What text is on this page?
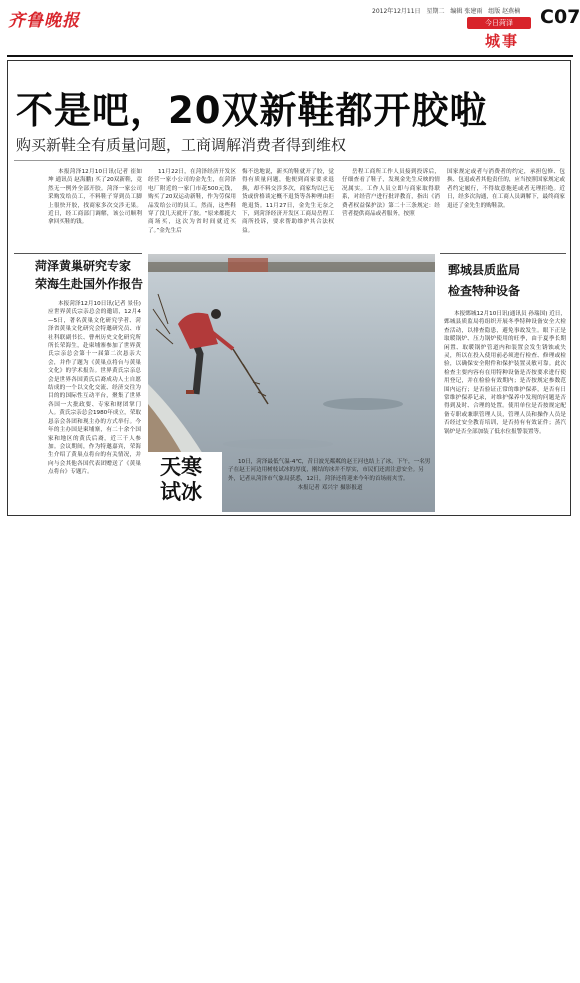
齐鲁晚报	2012年12月11日 星期二 编辑 张建雨 组版 赵燕楠
今日菏泽
城事
C07
不是吧，20双新鞋都开胶啦
购买新鞋全有质量问题，工商调解消费者得到维权
本报菏泽12月10日讯(记者 崔如坤 通讯员 赵海鹏) 买了20双新鞋，竟然无一例外全部开胶。菏泽一家公司采购发给员工，不料鞋子穿到员工脚上很快开胶，找商家多次交涉无果。近日，经工商部门调解，该公司顺利拿回买鞋的钱。
11月22日，在菏泽经济开发区经营一家小公司的金先生，在菏泽电厂附近的一家门市花500元钱，购买了20双运动新鞋，作为劳保用品发给公司的员工。然而，这些鞋穿了没几天就开了胶。“原来都挺大商场买，这次为省时间就近买了。”金先生后
悔不迭地说，新买的鞋就开了胶，觉得有质量问题，他便到商家要求退换，却不料交涉多次，商家均以已无货或价格谈定概不退货等各种理由拒绝退货。11月27日，金先生无奈之下，到菏泽经济开发区工商局岳程工商所投诉，要求帮助维护其合法权益。
岳程工商所工作人员接到投诉后，仔细查看了鞋子，发现金先生反映的情况属实。工作人员立即与商家取得联系，对经营户进行批评教育，指出《消费者权益保护法》第二十三条规定：经营者提供商品或者服务，按照
国家规定或者与消费者的约定，承担包修、包换、包退或者其他责任的，应当按照国家规定或者约定履行，不得故意拖延或者无理拒绝。近日，经多次沟通，在工商人员调解下，最终商家退还了金先生的购鞋款。
菏泽黄巢研究专家
荣海生赴国外作报告
本报菏泽12月10日讯(记者 景佳) 应世界黄氏宗亲总会的邀请，12月4—5日，著名黄巢文化研究学者、菏泽省黄巢文化研究会特邀研究员、市社科联副书长、曹州历史文化研究所所长荣海生，赴柬埔寨参加了世界黄氏宗亲总会第十一届第二次恳亲大会，并作了题为《黄巢点将台与黄巢文化》的学术报告。世界黄氏宗亲总会是世界各国黄氏后裔成功人士自愿结成的一个以文化交流、经济交往为目的的国际性互动平台，聚集了世界各国一大批政要、专家和财团掌门人。黄氏宗亲总会1980年成立，荣取恳亲会各团和现主办的方式举行。今年的主办国是柬埔寨，有二十余个国家和地区的黄氏后裔，近三千人参加。会议期间，作为特邀嘉宾，荣海生介绍了黄巢点将台的有关情况，并向与会其他各国代表团赠送了《黄巢点将台》专题片。
鄄城县质监局
检查特种设备
本报鄄城12月10日讯(通讯员 孙瑞国) 近日，鄄城县质监局将组织开展冬季特种设备安全大检查活动，以排查隐患，避免事故发生。眼下正是取暖锅炉、压力锅炉使用的旺季，由于夏季长期闲置、取暖锅炉管道内和装置会发生锈蚀或失灵，所以在投入使用前必须进行检查、修理或检验，以确保安全附件和保护装置灵敏可靠。此次检查主要内容有在用特种设备是否按要求进行使用登记，并在检验有效期内；是否按规定参数范围内运行；是否验证正常的维护保养，是否有日常维护保养记录，对维护保养中发现的问题是否得到及时、合理的处置。使用单位是否按规定配备专职或兼职管理人员，管理人员和操作人员是否经过安全教育培训，是否持有有效证件；蒸汽锅炉是否全部加装了低水位报警装置等。
天寒
试冰
10日，菏泽最低气温-4℃，昔日波光粼粼的赵王河也结上了冰。下午，一名男子在赵王河边用树枝试冰的厚度，刚结的冰并不厚实，市民们还需注意安全。另外，记者从菏泽市气象局获悉，12日，菏泽还将迎来今年的首场雨夹雪。
本报记者 邓兴宇 摄影报道
